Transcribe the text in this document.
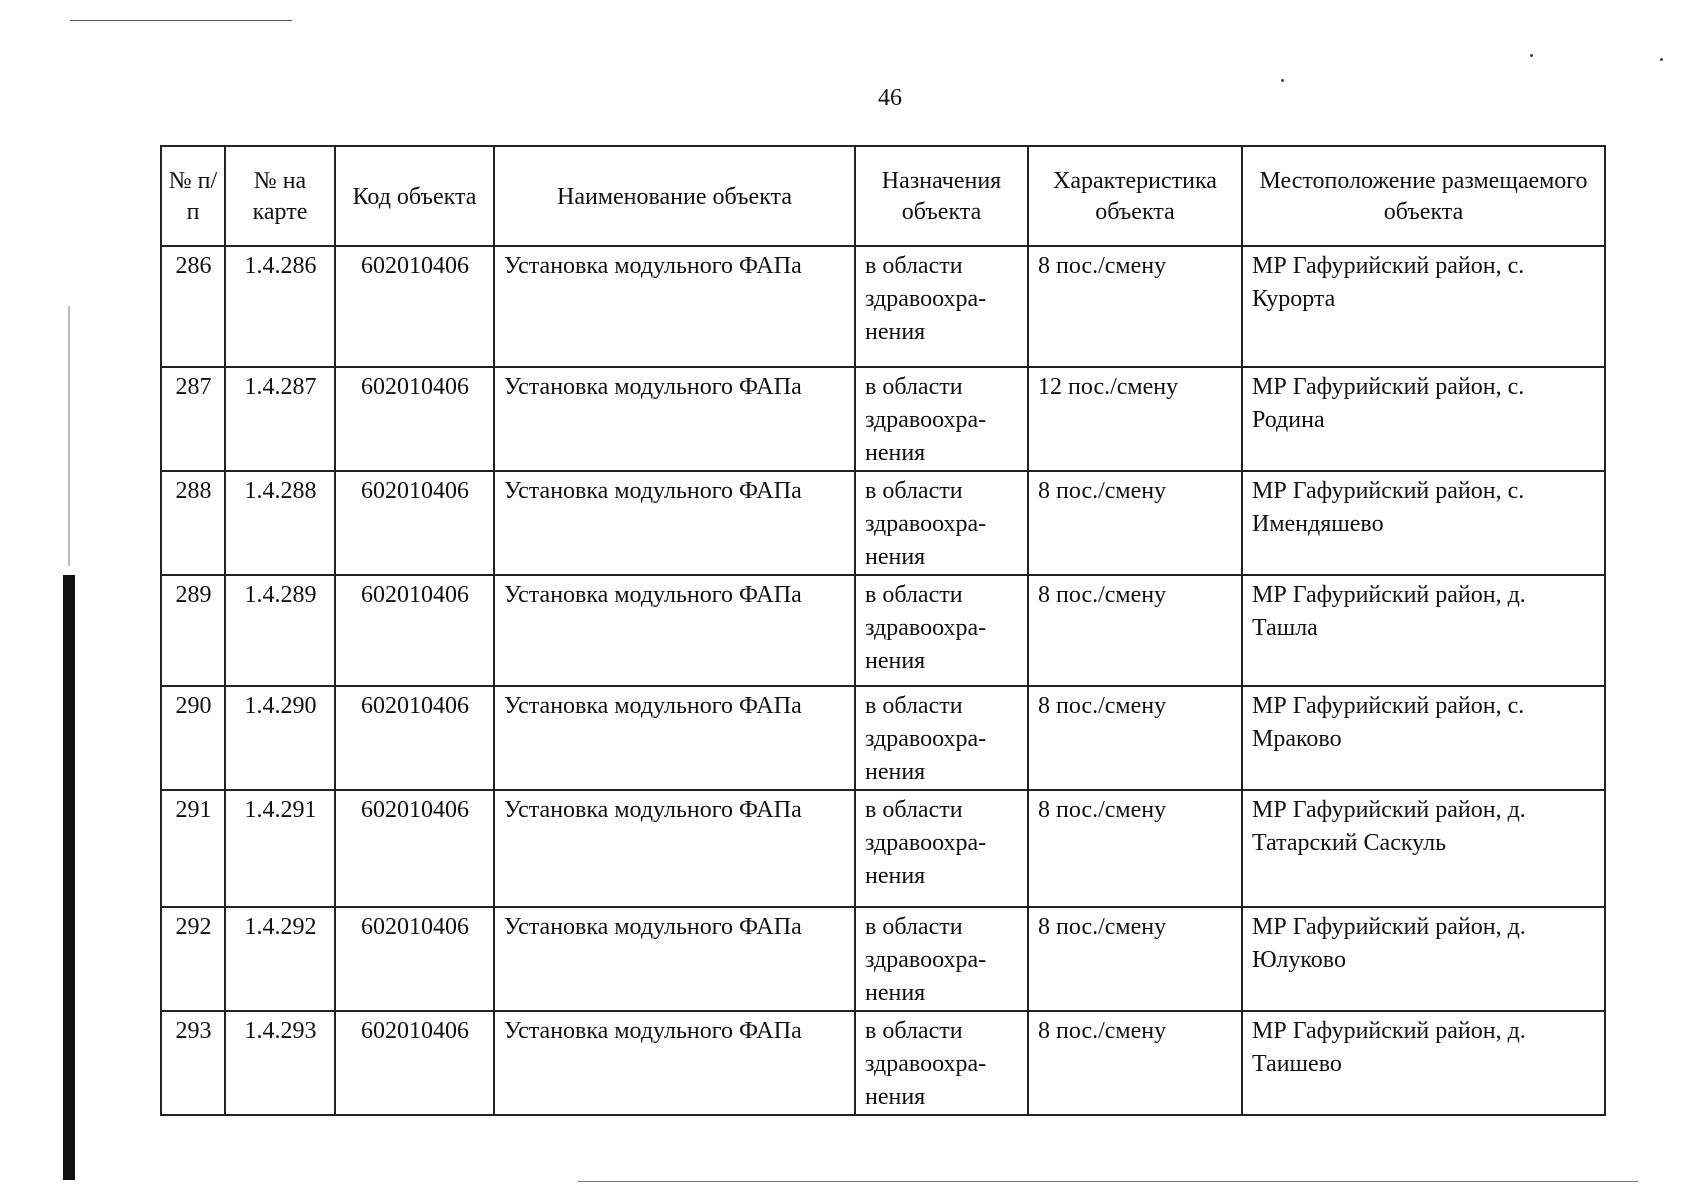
46
№ п/п	№ на карте	Код объекта	Наименование объекта	Назначения объекта	Характеристика объекта	Местоположение размещаемого объекта
286	1.4.286	602010406	Установка модульного ФАПа	в области здравоохра-нения	8 пос./смену	МР Гафурийский район, с. Курорта
287	1.4.287	602010406	Установка модульного ФАПа	в области здравоохра-нения	12 пос./смену	МР Гафурийский район, с. Родина
288	1.4.288	602010406	Установка модульного ФАПа	в области здравоохра-нения	8 пос./смену	МР Гафурийский район, с. Имендяшево
289	1.4.289	602010406	Установка модульного ФАПа	в области здравоохра-нения	8 пос./смену	МР Гафурийский район, д. Ташла
290	1.4.290	602010406	Установка модульного ФАПа	в области здравоохра-нения	8 пос./смену	МР Гафурийский район, с. Мраково
291	1.4.291	602010406	Установка модульного ФАПа	в области здравоохра-нения	8 пос./смену	МР Гафурийский район, д. Татарский Саскуль
292	1.4.292	602010406	Установка модульного ФАПа	в области здравоохра-нения	8 пос./смену	МР Гафурийский район, д. Юлуково
293	1.4.293	602010406	Установка модульного ФАПа	в области здравоохра-нения	8 пос./смену	МР Гафурийский район, д. Таишево
